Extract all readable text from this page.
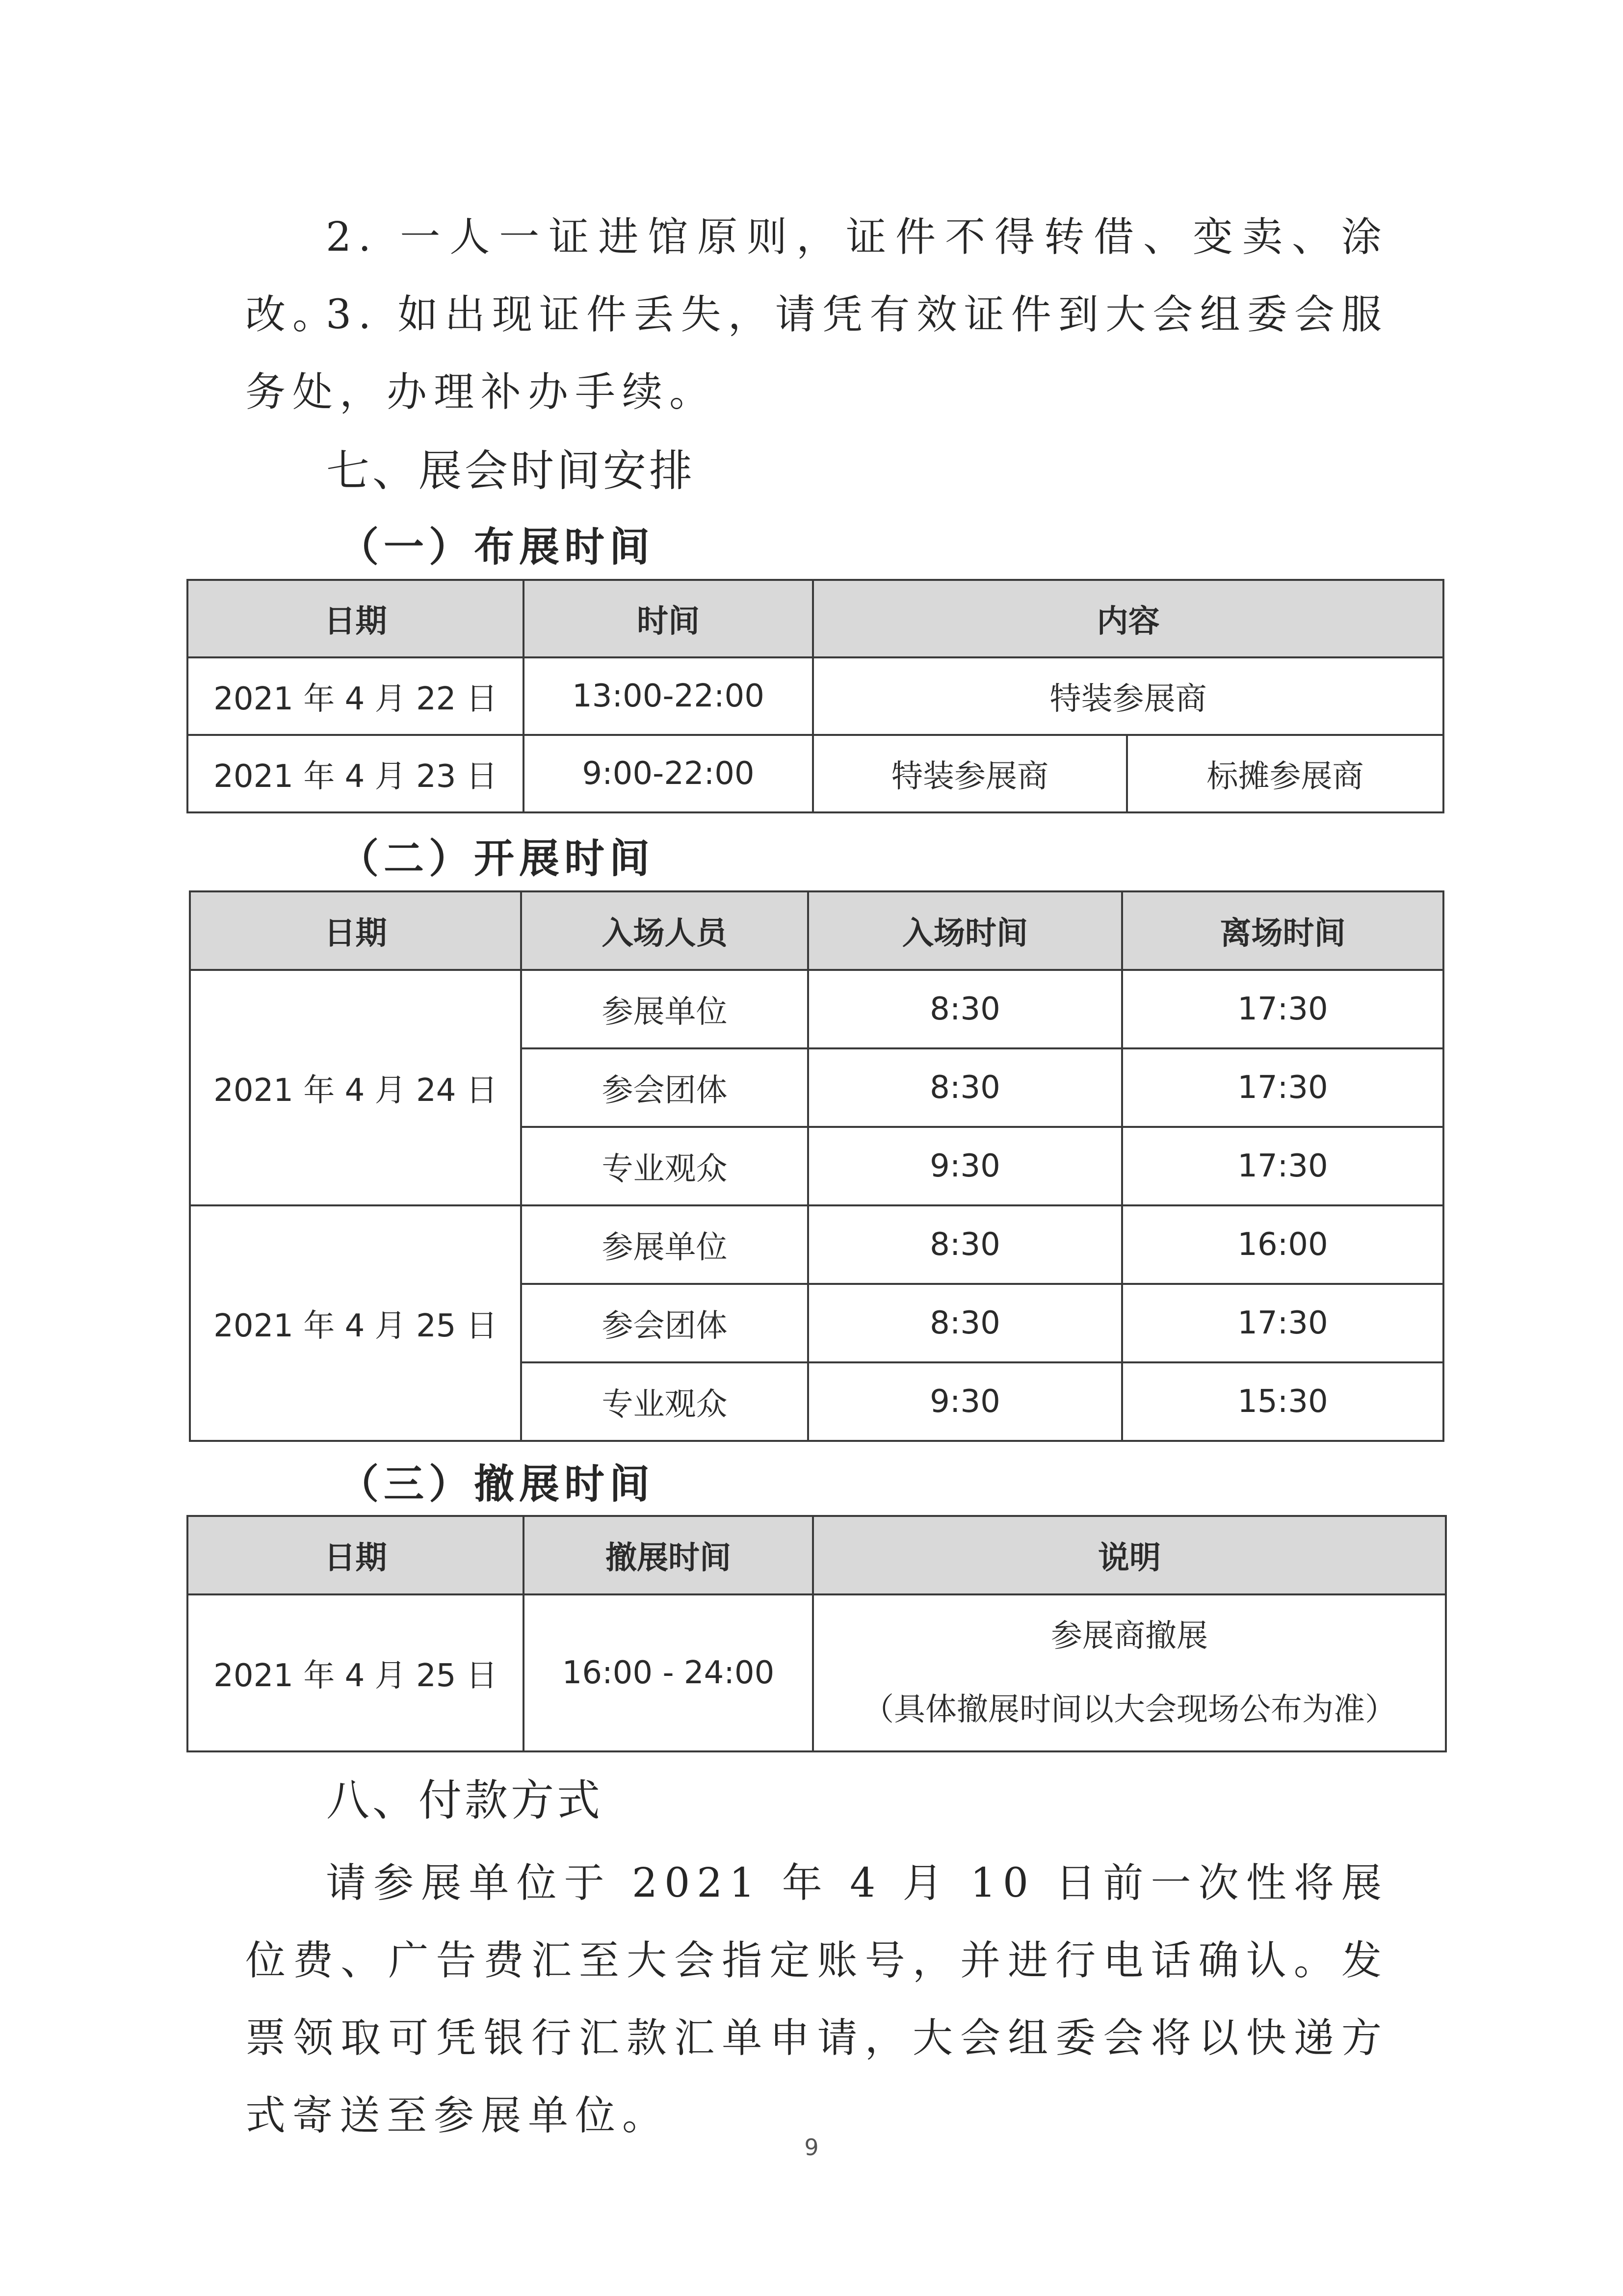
2. 一人一证进馆原则，证件不得转借、变卖、涂改。

3. 如出现证件丢失，请凭有效证件到大会组委会服务处，办理补办手续。

七、展会时间安排
（一）布展时间
日期	时间	内容	
2021 年 4 月 22 日	13:00-22:00	特装参展商	
2021 年 4 月 23 日	9:00-22:00	特装参展商	标摊参展商
（二）开展时间
日期	入场人员	入场时间	离场时间
2021 年 4 月 24 日	参展单位	8:30	17:30
	参会团体	8:30	17:30
	专业观众	9:30	17:30
2021 年 4 月 25 日	参展单位	8:30	16:00
	参会团体	8:30	17:30
	专业观众	9:30	15:30
（三）撤展时间
日期	撤展时间	说明
2021 年 4 月 25 日	16:00 - 24:00	参展商撤展
（具体撤展时间以大会现场公布为准）
八、付款方式

请参展单位于 2021 年 4 月 10 日前一次性将展位费、广告费汇至大会指定账号，并进行电话确认。发票领取可凭银行汇款汇单申请，大会组委会将以快递方式寄送至参展单位。

9
